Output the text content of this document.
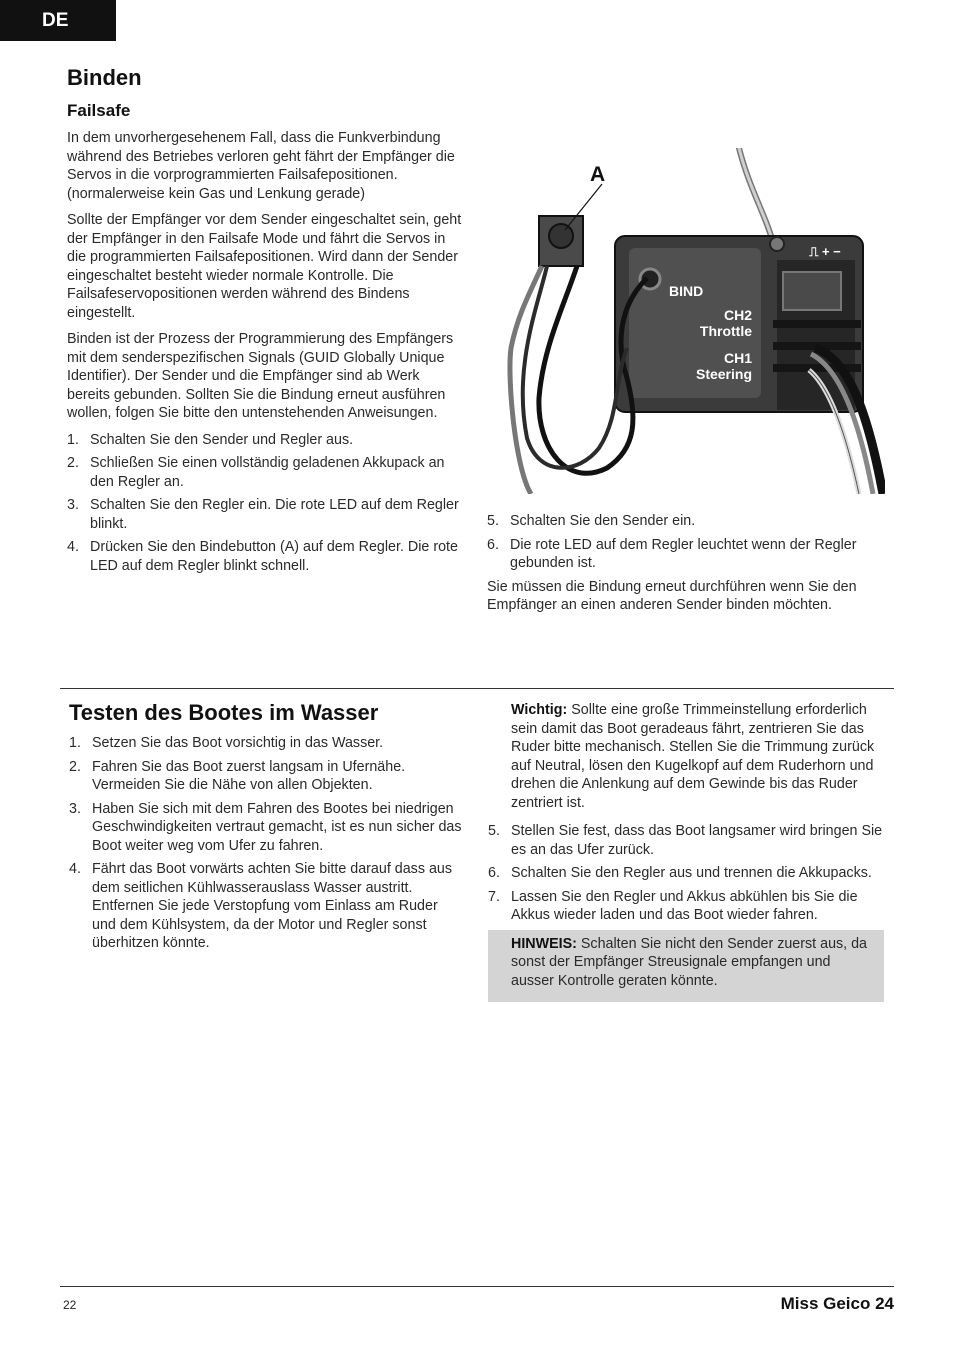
DE
Binden
Failsafe

In dem unvorhergesehenem Fall, dass die Funkverbindung während des Betriebes verloren geht fährt der Empfänger die Servos in die vorprogrammierten Failsafepositionen. (normalerweise kein Gas und Lenkung gerade)

Sollte der Empfänger vor dem Sender eingeschaltet sein, geht der Empfänger in den Failsafe Mode und fährt die Servos in die programmierten Failsafepositionen. Wird dann der Sender eingeschaltet besteht wieder normale Kontrolle. Die Failsafeservopositionen werden während des Bindens eingestellt.

Binden ist der Prozess der Programmierung des Empfängers mit dem senderspezifischen Signals (GUID Globally Unique Identifier). Der Sender und die Empfänger sind ab Werk bereits gebunden. Sollten Sie die Bindung erneut ausführen wollen, folgen Sie bitte den untenstehenden Anweisungen.

1. Schalten Sie den Sender und Regler aus.
2. Schließen Sie einen vollständig geladenen Akkupack an den Regler an.
3. Schalten Sie den Regler ein. Die rote LED auf dem Regler blinkt.
4. Drücken Sie den Bindebutton (A) auf dem Regler. Die rote LED auf dem Regler blinkt schnell.
⎍ + −
BIND
CH2
Throttle
CH1
Steering
A
5. Schalten Sie den Sender ein.
6. Die rote LED auf dem Regler leuchtet wenn der Regler gebunden ist.

Sie müssen die Bindung erneut durchführen wenn Sie den Empfänger an einen anderen Sender binden möchten.

Testen des Bootes im Wasser
1. Setzen Sie das Boot vorsichtig in das Wasser.
2. Fahren Sie das Boot zuerst langsam in Ufernähe. Vermeiden Sie die Nähe von allen Objekten.
3. Haben Sie sich mit dem Fahren des Bootes bei niedrigen Geschwindigkeiten vertraut gemacht, ist es nun sicher das Boot weiter weg vom Ufer zu fahren.
4. Fährt das Boot vorwärts achten Sie bitte darauf dass aus dem seitlichen Kühlwasserauslass Wasser austritt. Entfernen Sie jede Verstopfung vom Einlass am Ruder und dem Kühlsystem, da der Motor und Regler sonst überhitzen könnte.

Wichtig: Sollte eine große Trimmeinstellung erforderlich sein damit das Boot geradeaus fährt, zentrieren Sie das Ruder bitte mechanisch. Stellen Sie die Trimmung zurück auf Neutral, lösen den Kugelkopf auf dem Ruderhorn und drehen die Anlenkung auf dem Gewinde bis das Ruder zentriert ist.

5. Stellen Sie fest, dass das Boot langsamer wird bringen Sie es an das Ufer zurück.
6. Schalten Sie den Regler aus und trennen die Akkupacks.
7. Lassen Sie den Regler und Akkus abkühlen bis Sie die Akkus wieder laden und das Boot wieder fahren.
HINWEIS: Schalten Sie nicht den Sender zuerst aus, da sonst der Empfänger Streusignale empfangen und ausser Kontrolle geraten könnte.
22	Miss Geico 24
